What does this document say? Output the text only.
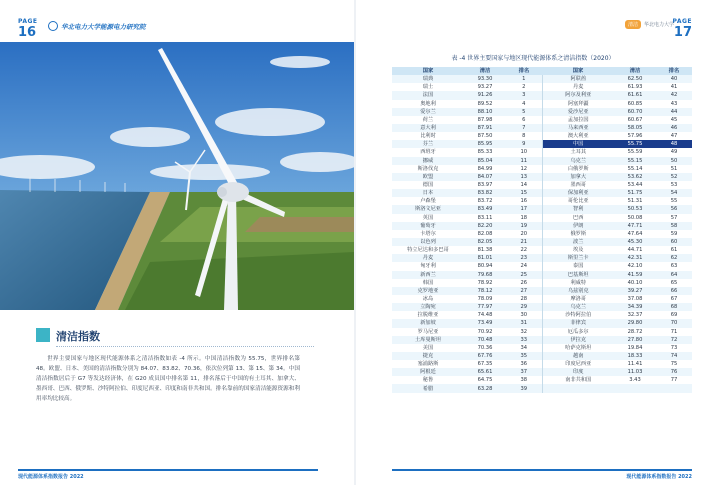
PAGE
16	华北电力大学能源电力研究院
清洁指数
世界主要国家与地区现代能源体系之清洁指数如表 -4 所示。中国清洁指数为 55.75，世界排名第 48。欧盟、日本、美国的清洁指数分别为 84.07、83.82、70.36，依次位列第 13、第 15、第 34。中国清洁指数居后于 G7 等发达经济体，在 G20 成员国中排名第 11，排名落后于中国的有土耳其、加拿大、墨西哥、巴西、俄罗斯、沙特阿拉伯、印度尼西亚、印度和南非共和国。排名靠前的国家清洁能源资源和利用率均比较高。
现代能源体系指数报告 2022
PAGE
17
清洁	华北电力大学
表 -4 世界主要国家与地区现代能源体系之清洁指数（2020）
国家	清洁	排名	国家	清洁	排名
瑞典	93.30	1	阿联酋	62.50	40
瑞士	93.27	2	丹麦	61.93	41
法国	91.26	3	阿尔及利亚	61.61	42
奥地利	89.52	4	阿塞拜疆	60.85	43
爱尔兰	88.10	5	爱沙尼亚	60.70	44
荷兰	87.98	6	孟加拉国	60.67	45
意大利	87.91	7	马来西亚	58.05	46
比利时	87.50	8	澳大利亚	57.96	47
芬兰	85.95	9	中国	55.75	48
西班牙	85.33	10	土耳其	55.59	49
挪威	85.04	11	乌克兰	55.15	50
斯洛伐克	84.99	12	白俄罗斯	55.14	51
欧盟	84.07	13	加拿大	53.62	52
德国	83.97	14	墨西哥	53.44	53
日本	83.82	15	保加利亚	51.75	54
卢森堡	83.72	16	哥伦比亚	51.31	55
斯洛文尼亚	83.49	17	智利	50.53	56
英国	83.11	18	巴西	50.08	57
葡萄牙	82.20	19	伊朗	47.71	58
卡塔尔	82.08	20	俄罗斯	47.64	59
以色列	82.05	21	波兰	45.30	60
特立尼达和多巴哥	81.38	22	埃及	44.71	61
丹麦	81.01	23	斯里兰卡	42.31	62
匈牙利	80.94	24	泰国	42.10	63
新西兰	79.68	25	巴基斯坦	41.59	64
韩国	78.92	26	利威特	40.10	65
克罗地亚	78.12	27	乌兹别克	39.27	66
冰岛	78.09	28	摩洛哥	37.08	67
立陶宛	77.97	29	乌克兰	34.39	68
拉脱维亚	74.48	30	沙特阿拉伯	32.37	69
新加坡	73.49	31	菲律宾	29.80	70
罗马尼亚	70.92	32	厄瓜多尔	28.72	71
土库曼斯坦	70.48	33	伊拉克	27.80	72
美国	70.36	34	哈萨克斯坦	19.84	73
捷克	67.76	35	越南	18.33	74
塞浦路斯	67.35	36	印度尼西亚	11.41	75
阿根廷	65.61	37	印度	11.03	76
秘鲁	64.75	38	南非共和国	3.43	77
希腊	63.28	39			
现代能源体系指数报告 2022
